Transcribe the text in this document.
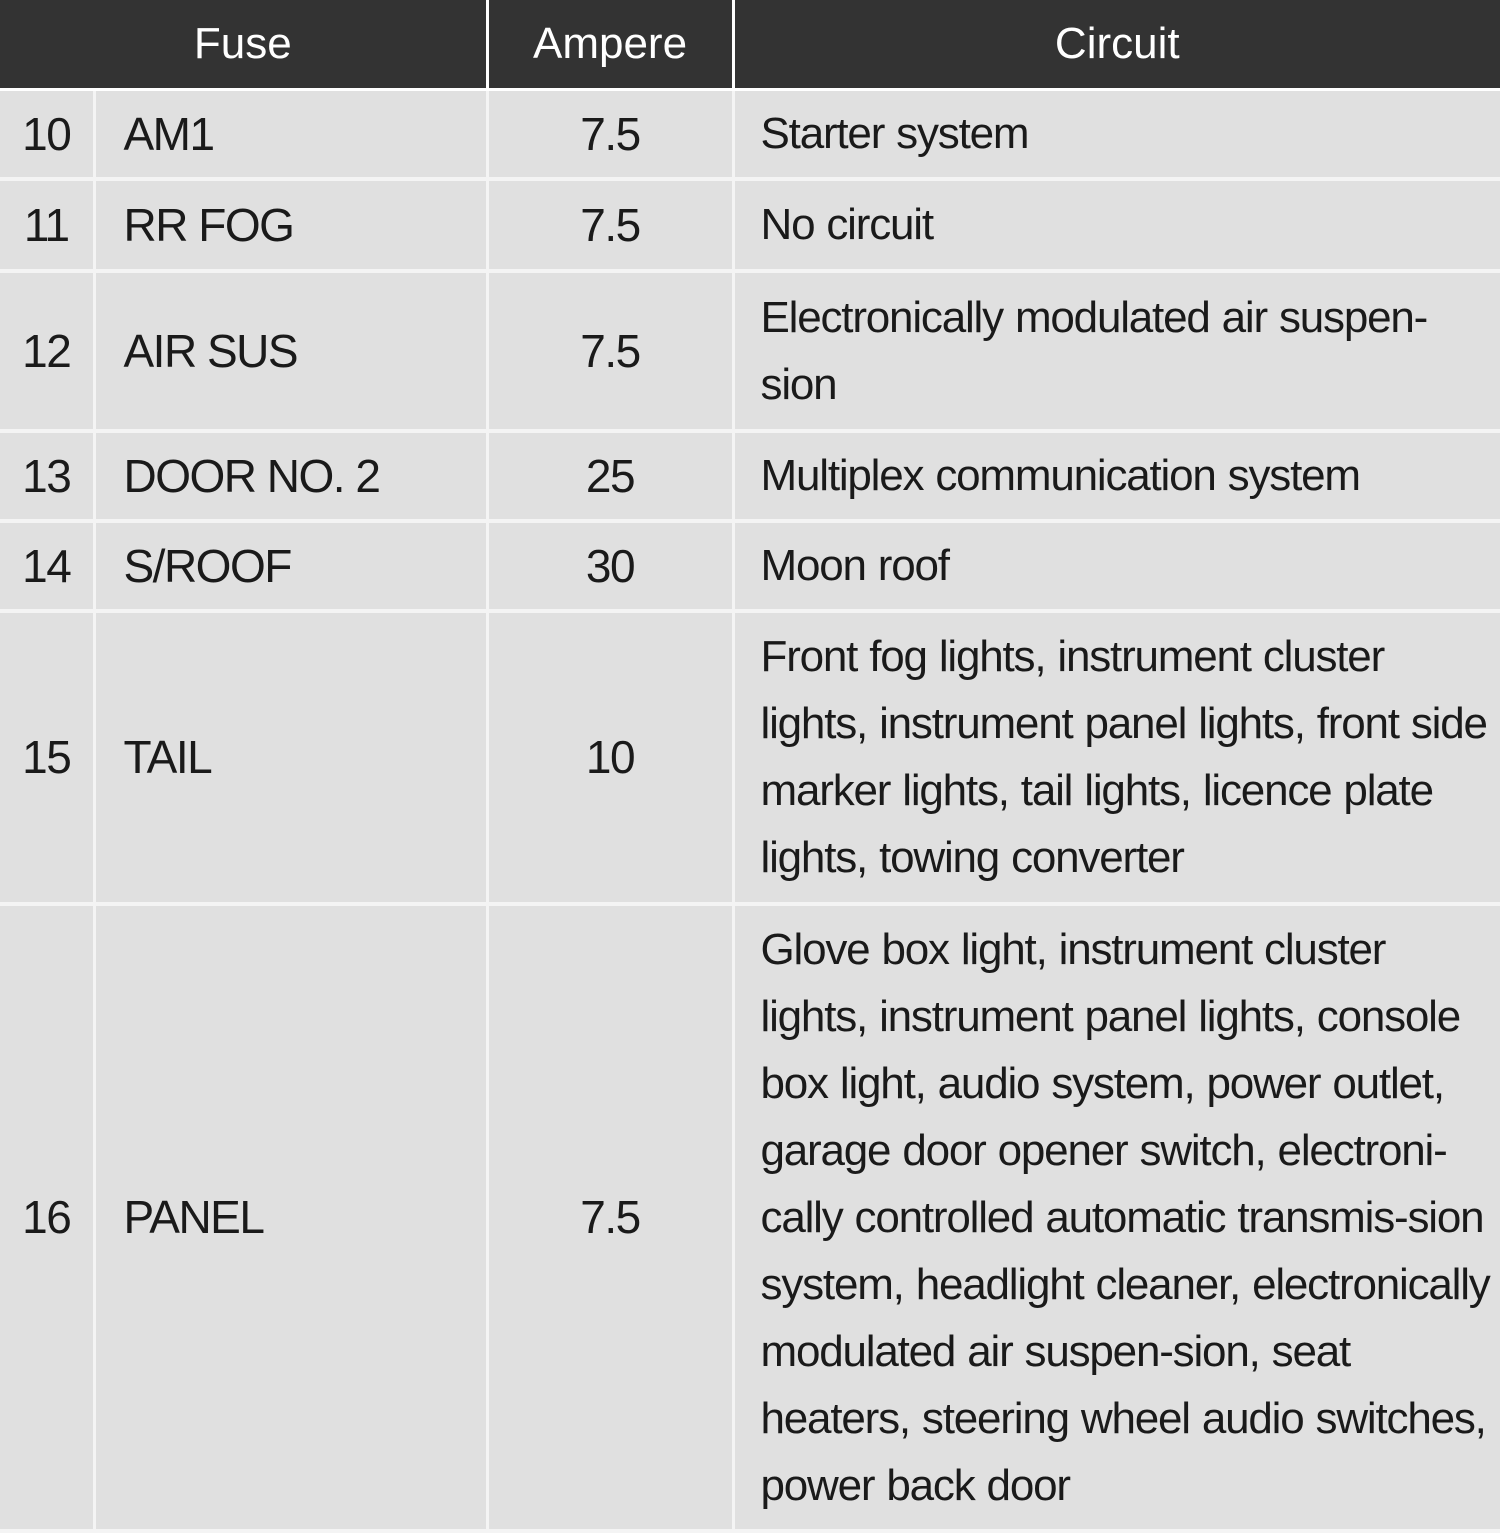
Fuse		Ampere	Circuit
10	AM1	7.5	Starter system
11	RR FOG	7.5	No circuit
12	AIR SUS	7.5	Electronically modulated air suspen-sion
13	DOOR NO. 2	25	Multiplex communication system
14	S/ROOF	30	Moon roof
15	TAIL	10	Front fog lights, instrument cluster lights, instrument panel lights, front side marker lights, tail lights, licence plate lights, towing converter
16	PANEL	7.5	Glove box light, instrument cluster lights, instrument panel lights, console box light, audio system, power outlet, garage door opener switch, electroni-cally controlled automatic transmis-sion system, headlight cleaner, electronically modulated air suspen-sion, seat heaters, steering wheel audio switches, power back door
